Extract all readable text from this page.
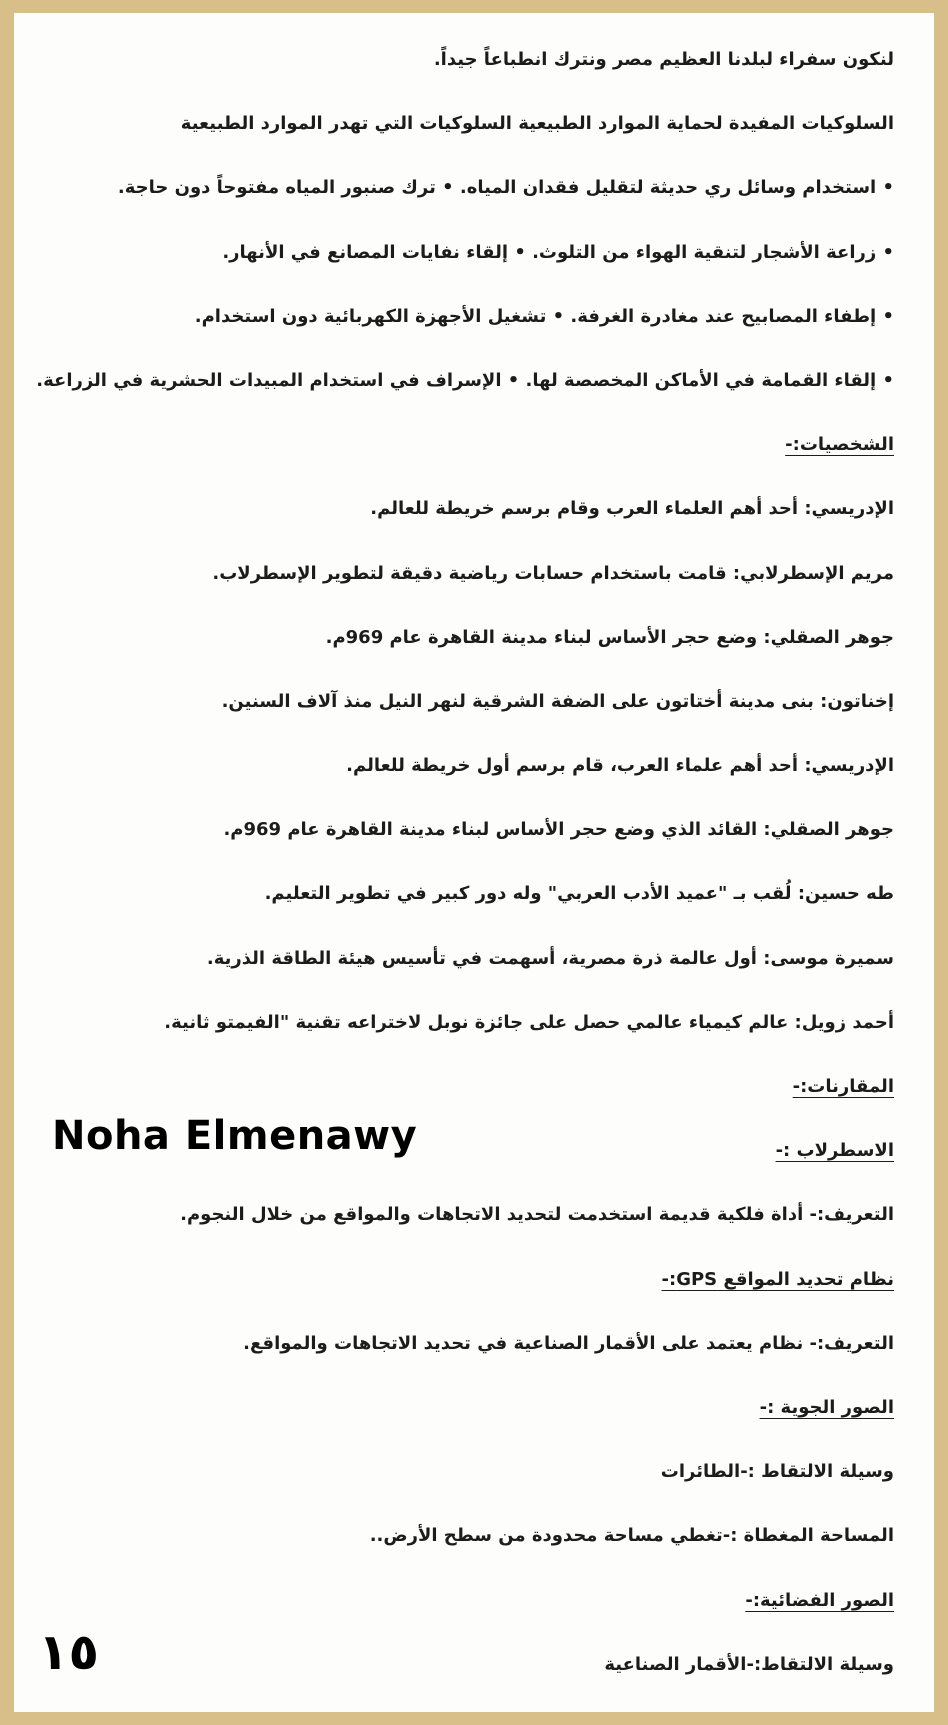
لنكون سفراء لبلدنا العظيم مصر ونترك انطباعاً جيداً.
السلوكيات المفيدة لحماية الموارد الطبيعية السلوكيات التي تهدر الموارد الطبيعية
• استخدام وسائل ري حديثة لتقليل فقدان المياه. • ترك صنبور المياه مفتوحاً دون حاجة.
• زراعة الأشجار لتنقية الهواء من التلوث. • إلقاء نفايات المصانع في الأنهار.
• إطفاء المصابيح عند مغادرة الغرفة. • تشغيل الأجهزة الكهربائية دون استخدام.
• إلقاء القمامة في الأماكن المخصصة لها. • الإسراف في استخدام المبيدات الحشرية في الزراعة.
الشخصيات:-
الإدريسي: أحد أهم العلماء العرب وقام برسم خريطة للعالم.
مريم الإسطرلابي: قامت باستخدام حسابات رياضية دقيقة لتطوير الإسطرلاب.
جوهر الصقلي: وضع حجر الأساس لبناء مدينة القاهرة عام 969م.
إخناتون: بنى مدينة أختاتون على الضفة الشرقية لنهر النيل منذ آلاف السنين.
الإدريسي: أحد أهم علماء العرب، قام برسم أول خريطة للعالم.
جوهر الصقلي: القائد الذي وضع حجر الأساس لبناء مدينة القاهرة عام 969م.
طه حسين: لُقب بـ "عميد الأدب العربي" وله دور كبير في تطوير التعليم.
سميرة موسى: أول عالمة ذرة مصرية، أسهمت في تأسيس هيئة الطاقة الذرية.
أحمد زويل: عالم كيمياء عالمي حصل على جائزة نوبل لاختراعه تقنية "الفيمتو ثانية.
المقارنات:-
الاسطرلاب :-
التعريف:- أداة فلكية قديمة استخدمت لتحديد الاتجاهات والمواقع من خلال النجوم.
نظام تحديد المواقع GPS:-
التعريف:- نظام يعتمد على الأقمار الصناعية في تحديد الاتجاهات والمواقع.
الصور الجوية :-
وسيلة الالتقاط :-الطائرات
المساحة المغطاة :-تغطي مساحة محدودة من سطح الأرض..
الصور الفضائية:-
وسيلة الالتقاط:-الأقمار الصناعية
Noha Elmenawy
١٥
